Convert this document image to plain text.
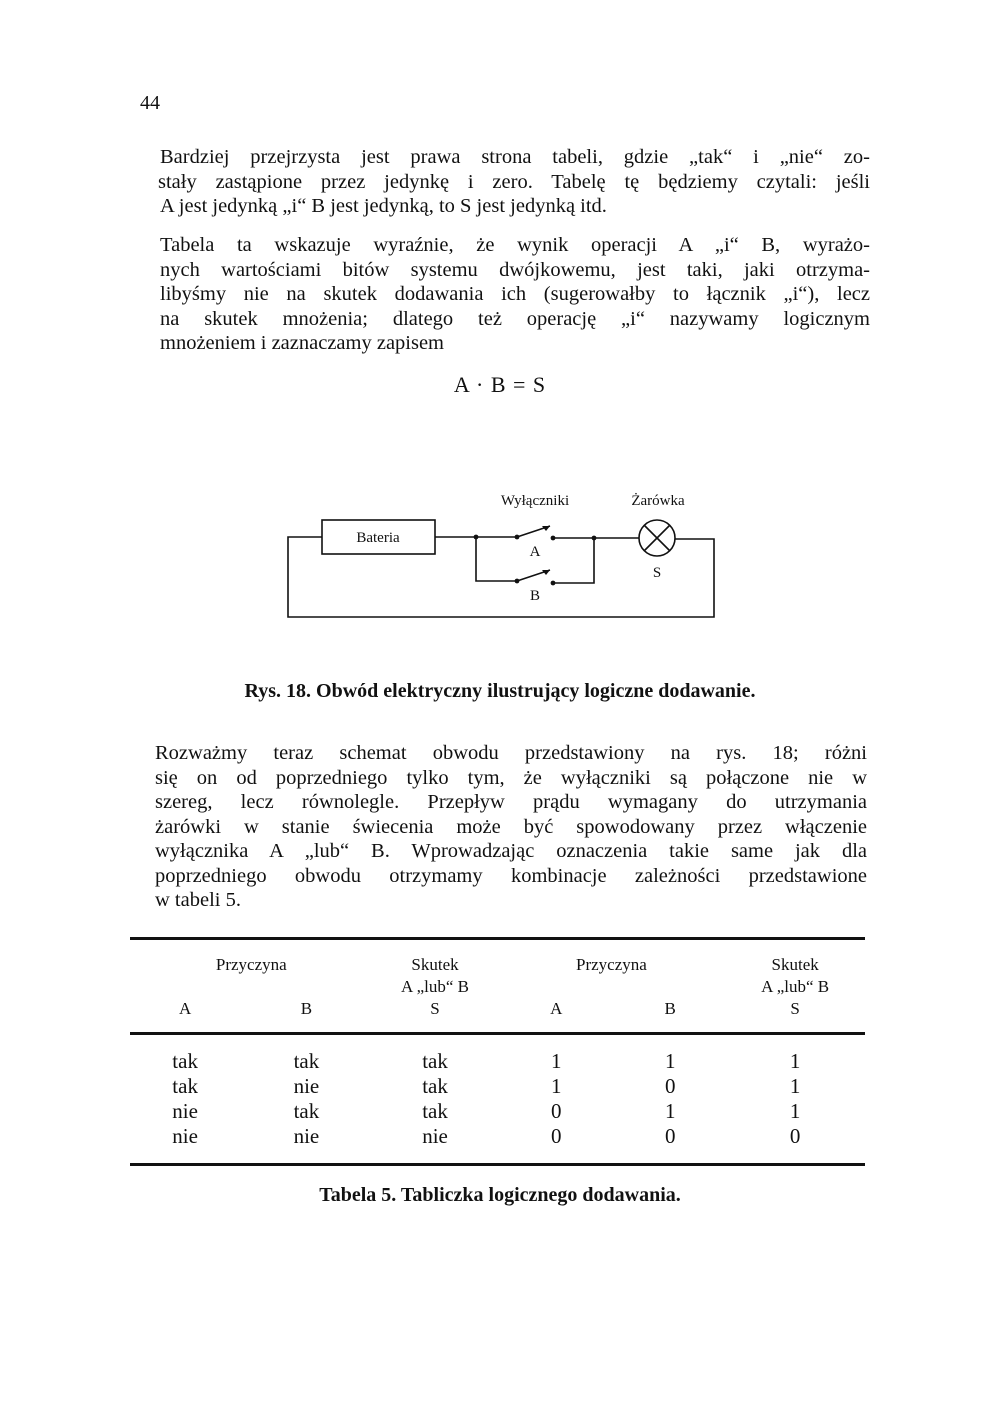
44
Bardziej przejrzysta jest prawa strona tabeli, gdzie „tak“ i „nie“ zo-
stały zastąpione przez jedynkę i zero. Tabelę tę będziemy czytali: jeśli
A jest jedynką „i“ B jest jedynką, to S jest jedynką itd.
Tabela ta wskazuje wyraźnie, że wynik operacji A „i“ B, wyrażo-
nych wartościami bitów systemu dwójkowemu, jest taki, jaki otrzyma-
libyśmy nie na skutek dodawania ich (sugerowałby to łącznik „i“), lecz
na skutek mnożenia; dlatego też operację „i“ nazywamy logicznym
mnożeniem i zaznaczamy zapisem
A · B = S
Bateria
Wyłączniki	Żarówka
A
B
S
Rys. 18. Obwód elektryczny ilustrujący logiczne dodawanie.
Rozważmy teraz schemat obwodu przedstawiony na rys. 18; różni
się on od poprzedniego tylko tym, że wyłączniki są połączone nie w
szereg, lecz równolegle. Przepływ prądu wymagany do utrzymania
żarówki w stanie świecenia może być spowodowany przez włączenie
wyłącznika A „lub“ B. Wprowadzając oznaczenia takie same jak dla
poprzedniego obwodu otrzymamy kombinacje zależności przedstawione
w tabeli 5.
Przyczyna		Skutek	Przyczyna		Skutek
		A „lub“ B			A „lub“ B
A	B	S	A	B	S
tak	tak	tak	1	1	1
tak	nie	tak	1	0	1
nie	tak	tak	0	1	1
nie	nie	nie	0	0	0
Tabela 5. Tabliczka logicznego dodawania.
